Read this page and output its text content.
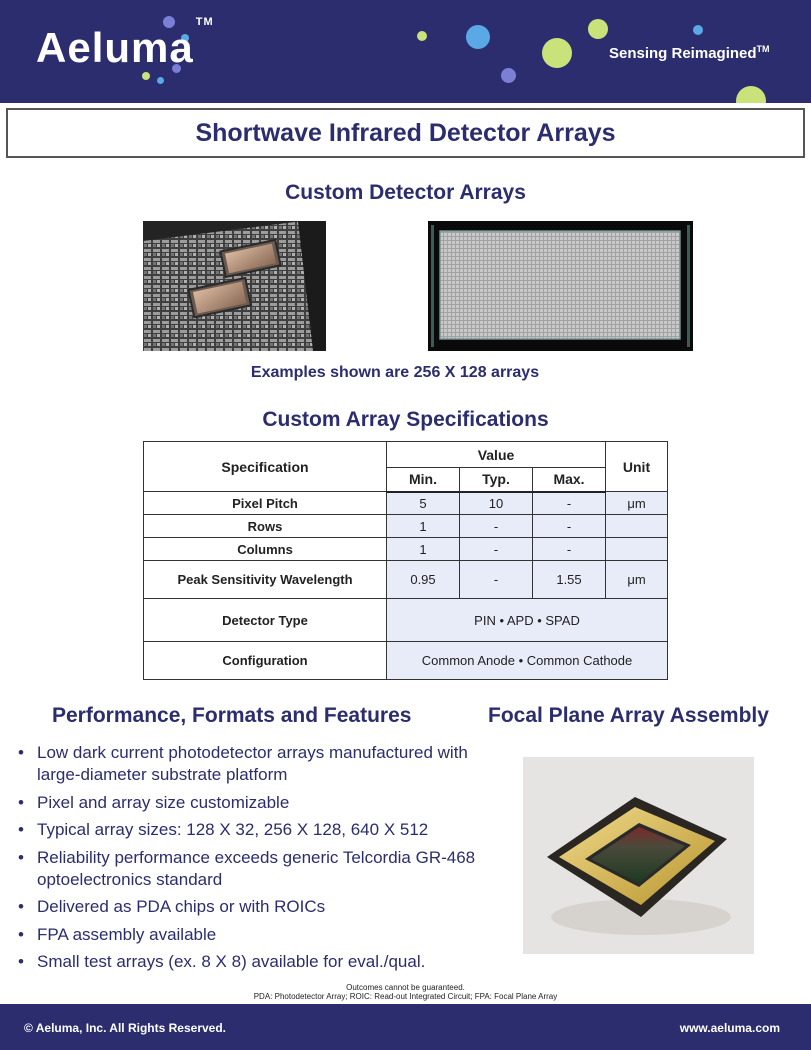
Aeluma™
Sensing Reimagined™
Shortwave Infrared Detector Arrays
Custom Detector Arrays
Examples shown are 256 X 128 arrays
Custom Array Specifications
Specification	Value			Unit
	Min.	Typ.	Max.	
Pixel Pitch	5	10	-	μm
Rows	1	-	-	
Columns	1	-	-	
Peak Sensitivity Wavelength	0.95	-	1.55	μm
Detector Type	PIN • APD • SPAD			
Configuration	Common Anode • Common Cathode			
Performance, Formats and Features	Focal Plane Array Assembly
• Low dark current photodetector arrays manufactured with large-diameter substrate platform
• Pixel and array size customizable
• Typical array sizes: 128 X 32, 256 X 128, 640 X 512
• Reliability performance exceeds generic Telcordia GR-468 optoelectronics standard
• Delivered as PDA chips or with ROICs
• FPA assembly available
• Small test arrays (ex. 8 X 8) available for eval./qual.
Outcomes cannot be guaranteed.
PDA: Photodetector Array; ROIC: Read-out Integrated Circuit; FPA: Focal Plane Array
© Aeluma, Inc. All Rights Reserved.	www.aeluma.com
